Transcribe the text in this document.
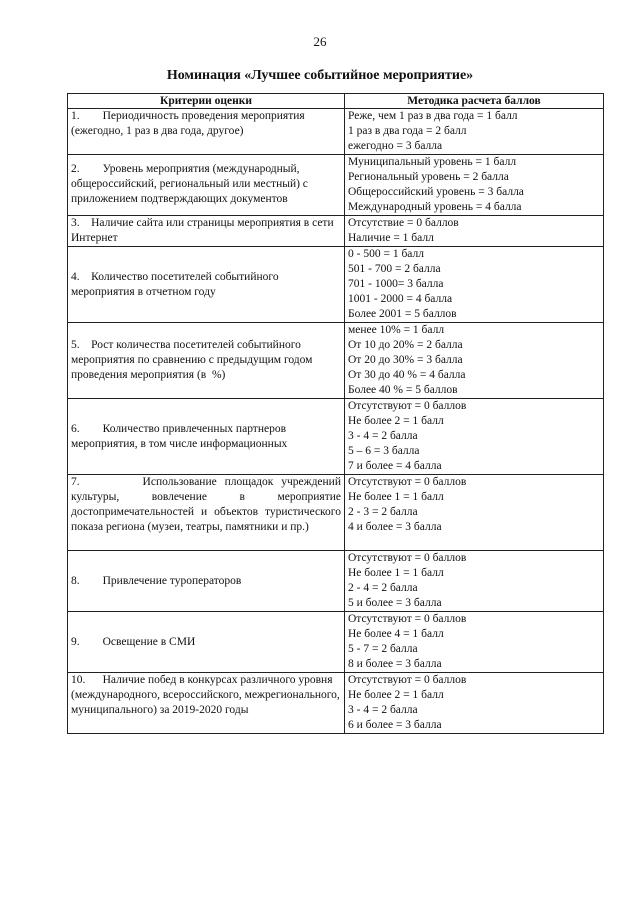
26
Номинация «Лучшее событийное мероприятие»
Критерии оценки	Методика расчета баллов

1.        Периодичность проведения мероприятия (ежегодно, 1 раз в два года, другое)	Реже, чем 1 раз в два года = 1 балл
1 раз в два года = 2 балл
ежегодно = 3 балла

2.        Уровень мероприятия (международный, общероссийский, региональный или местный) с приложением подтверждающих документов	Муниципальный уровень = 1 балл
Региональный уровень = 2 балла
Общероссийский уровень = 3 балла
Международный уровень = 4 балла

3.    Наличие сайта или страницы мероприятия в сети Интернет	Отсутствие = 0 баллов
Наличие = 1 балл

4.    Количество посетителей событийного мероприятия в отчетном году	0 - 500 = 1 балл
501 - 700 = 2 балла
701 - 1000= 3 балла
1001 - 2000 = 4 балла
Более 2001 = 5 баллов

5.    Рост количества посетителей событийного мероприятия по сравнению с предыдущим годом проведения мероприятия (в  %)	менее 10% = 1 балл
От 10 до 20% = 2 балла
От 20 до 30% = 3 балла
От 30 до 40 % = 4 балла
Более 40 % = 5 баллов

6.        Количество привлеченных партнеров мероприятия, в том числе информационных	Отсутствуют = 0 баллов
Не более 2 = 1 балл
3 - 4 = 2 балла
5 – 6 = 3 балла
7 и более = 4 балла

7.        Использование площадок учреждений культуры, вовлечение в мероприятие достопримечательностей и объектов туристического показа региона (музеи, театры, памятники и пр.)	Отсутствуют = 0 баллов
Не более 1 = 1 балл
2 - 3 = 2 балла
4 и более = 3 балла

8.        Привлечение туроператоров	Отсутствуют = 0 баллов
Не более 1 = 1 балл
2 - 4 = 2 балла
5 и более = 3 балла

9.        Освещение в СМИ	Отсутствуют = 0 баллов
Не более 4 = 1 балл
5 - 7 = 2 балла
8 и более = 3 балла

10.      Наличие побед в конкурсах различного уровня (международного, всероссийского, межрегионального, муниципального) за 2019-2020 годы	Отсутствуют = 0 баллов
Не более 2 = 1 балл
3 - 4 = 2 балла
6 и более = 3 балла
